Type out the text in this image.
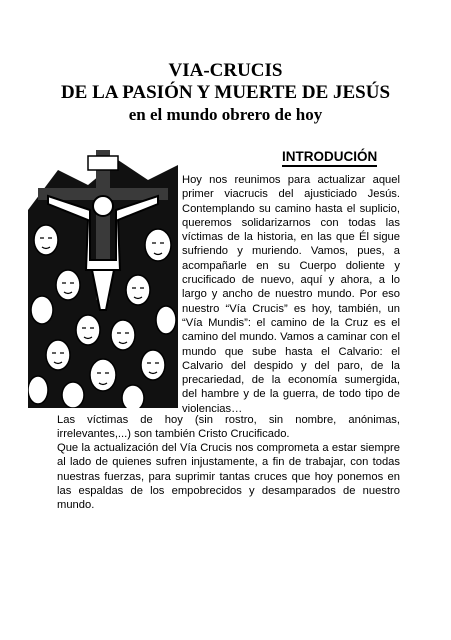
VIA-CRUCIS
DE LA PASIÓN Y MUERTE DE JESÚS
en el mundo obrero de hoy
INTRODUCIÓN

Hoy nos reunimos para actualizar aquel primer viacrucis del ajusticiado Jesús. Contemplando su camino hasta el suplicio, queremos solidarizarnos con todas las víctimas de la historia, en las que Él sigue sufriendo y muriendo. Vamos, pues, a acompañarle en su Cuerpo doliente y crucificado de nuevo, aquí y ahora, a lo largo y ancho de nuestro mundo. Por eso nuestro “Vía Crucis” es hoy, también, un “Vía Mundis”: el camino de la Cruz es el camino del mundo. Vamos a caminar con el mundo que sube hasta el Calvario: el Calvario del despido y del paro, de la precariedad, de la economía sumergida, del hambre y de la guerra, de todo tipo de violencias…

Las víctimas de hoy (sin rostro, sin nombre, anónimas, irrelevantes,...) son también Cristo Crucificado.

Que la actualización del Vía Crucis nos comprometa a estar siempre al lado de quienes sufren injustamente, a fin de trabajar, con todas nuestras fuerzas, para suprimir tantas cruces que hoy ponemos en las espaldas de los empobrecidos y desamparados de nuestro mundo.
